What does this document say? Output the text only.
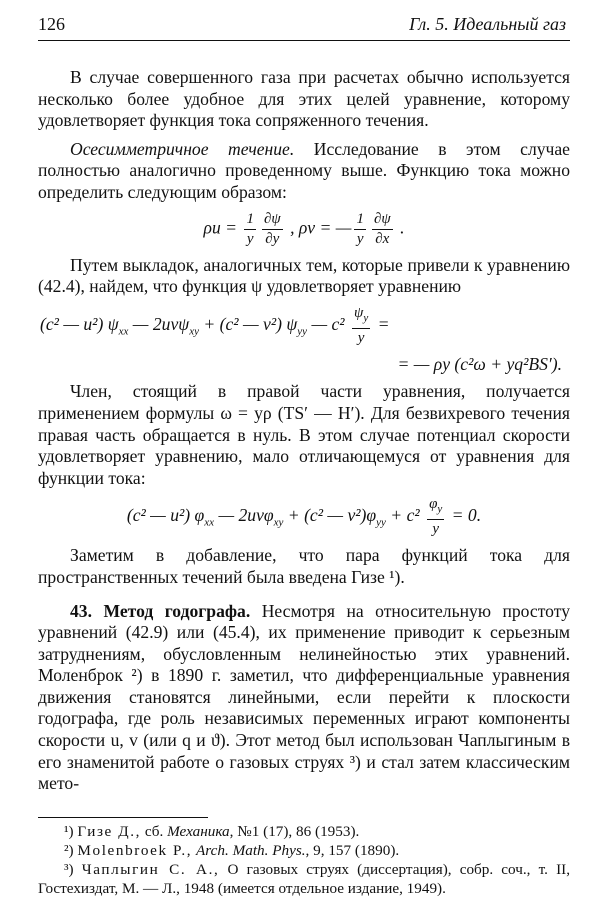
126	Гл. 5. Идеальный газ

В случае совершенного газа при расчетах обычно используется несколько более удобное для этих целей уравнение, которому удовлетворяет функция тока сопряженного течения.

Осесимметричное течение. Исследование в этом случае полностью аналогично проведенному выше. Функцию тока можно определить следующим образом:

$\rho u = \frac{1}{y} \frac{\partial\psi}{\partial y}$ , ρv = — $\frac{1}{y} \frac{\partial\psi}{\partial x}$ .

Путем выкладок, аналогичных тем, которые привели к уравнению (42.4), найдем, что функция ψ удовлетворяет уравнению

(c² — u²) $\psi_{xx}$ — 2uvψ$_{xy}$ + (c² — v²) $\psi_{yy}$ — $c^2 \frac{\psi_y}{y}$ =
= — ρy (c²ω + yq²BS′).

Член, стоящий в правой части уравнения, получается применением формулы ω = yρ (TS′ — H′). Для безвихревого течения правая часть обращается в нуль. В этом случае потенциал скорости удовлетворяет уравнению, мало отличающемуся от уравнения для функции тока:

(c² — u²) $\varphi_{xx}$ — 2uvφ$_{xy}$ + (c² — $v^2)\varphi_{yy} + c^2 \frac{\varphi_y}{y} = 0$.

Заметим в добавление, что пара функций тока для пространственных течений была введена Гизе ¹).

43. Метод годографа. Несмотря на относительную простоту уравнений (42.9) или (45.4), их применение приводит к серьезным затруднениям, обусловленным нелинейностью этих уравнений. Моленброк ²) в 1890 г. заметил, что дифференциальные уравнения движения становятся линейными, если перейти к плоскости годографа, где роль независимых переменных играют компоненты скорости u, v (или q и ϑ). Этот метод был использован Чаплыгиным в его знаменитой работе о газовых струях ³) и стал затем классическим мето-

¹) Гизе Д., сб. Механика, №1 (17), 86 (1953).

²) Molenbroek P., Arch. Math. Phys., 9, 157 (1890).

³) Чаплыгин С. А., О газовых струях (диссертация), собр. соч., т. II, Гостехиздат, М. — Л., 1948 (имеется отдельное издание, 1949).
